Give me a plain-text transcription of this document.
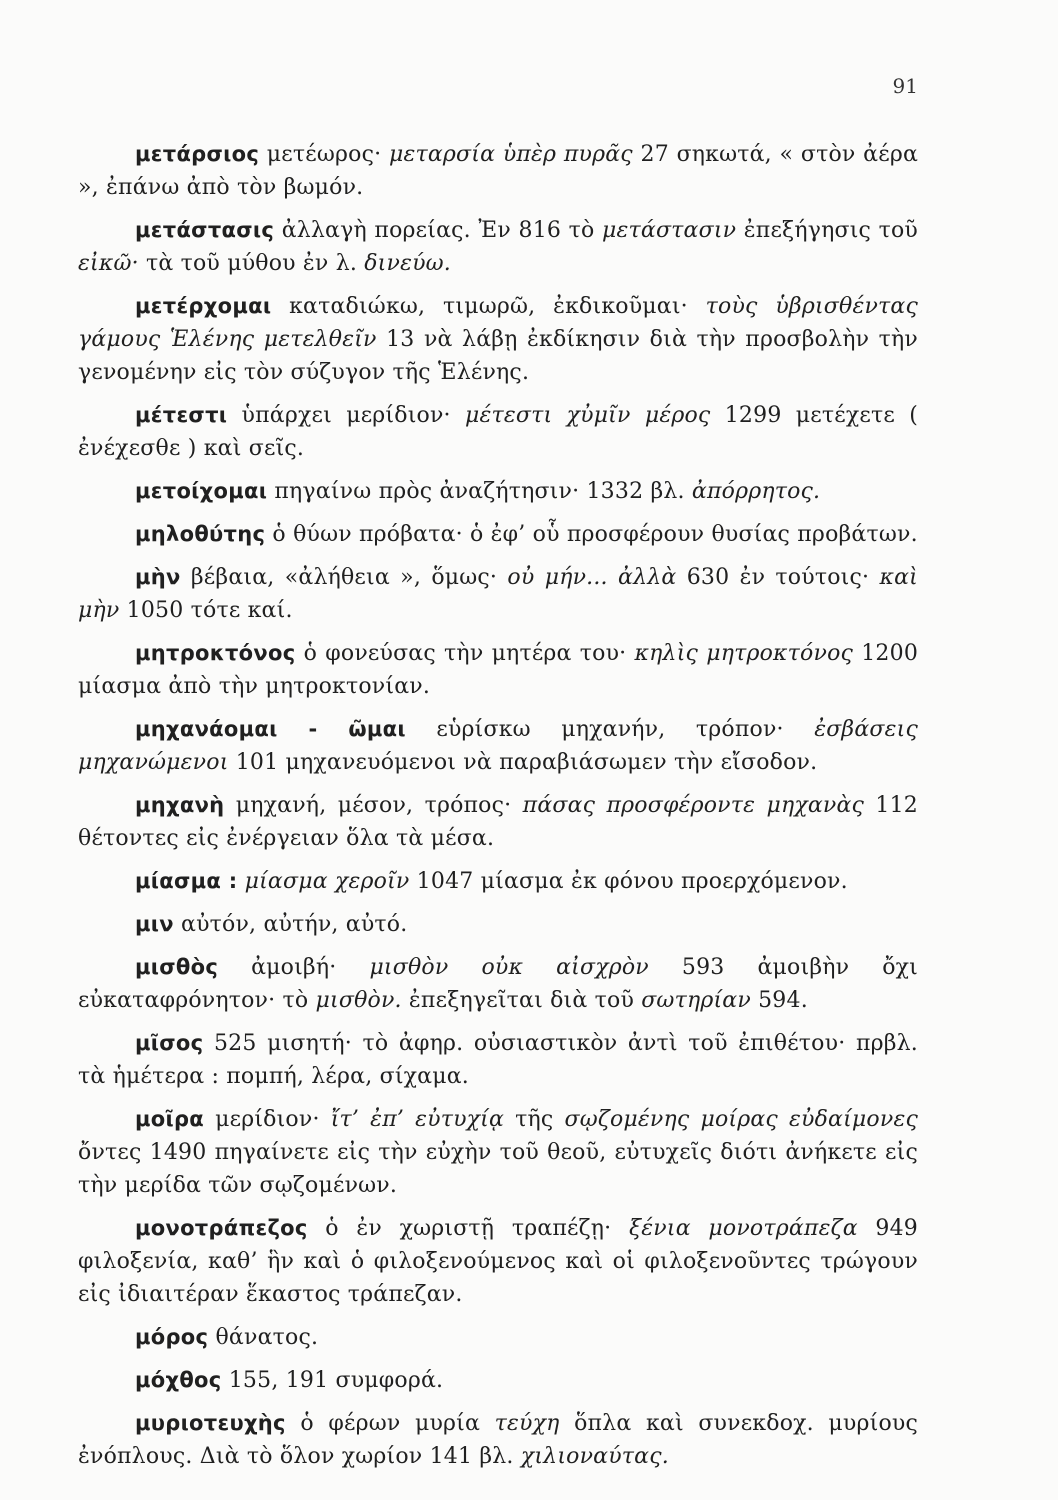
91

μετάρσιος μετέωρος· μεταρσία ὑπὲρ πυρᾶς 27 σηκωτά, « στὸν ἀέρα », ἐπάνω ἀπὸ τὸν βωμόν.

μετάστασις ἀλλαγὴ πορείας. Ἐν 816 τὸ μετάστασιν ἐπεξήγησις τοῦ εἰκῶ· τὰ τοῦ μύθου ἐν λ. δινεύω.

μετέρχομαι καταδιώκω, τιμωρῶ, ἐκδικοῦμαι· τοὺς ὑβρισθέντας γάμους Ἑλένης μετελθεῖν 13 νὰ λάβῃ ἐκδίκησιν διὰ τὴν προσβολὴν τὴν γενομένην εἰς τὸν σύζυγον τῆς Ἑλένης.

μέτεστι ὑπάρχει μερίδιον· μέτεστι χὐμῖν μέρος 1299 μετέχετε ( ἐνέχεσθε ) καὶ σεῖς.

μετοίχομαι πηγαίνω πρὸς ἀναζήτησιν· 1332 βλ. ἀπόρρητος.

μηλοθύτης ὁ θύων πρόβατα· ὁ ἐφ’ οὗ προσφέρουν θυσίας προβάτων.

μὴν βέβαια, «ἀλήθεια », ὅμως· οὐ μήν... ἀλλὰ 630 ἐν τούτοις· καὶ μὴν 1050 τότε καί.

μητροκτόνος ὁ φονεύσας τὴν μητέρα του· κηλὶς μητροκτόνος 1200 μίασμα ἀπὸ τὴν μητροκτονίαν.

μηχανάομαι - ῶμαι εὑρίσκω μηχανήν, τρόπον· ἐσβάσεις μηχανώμενοι 101 μηχανευόμενοι νὰ παραβιάσωμεν τὴν εἴσοδον.

μηχανὴ μηχανή, μέσον, τρόπος· πάσας προσφέροντε μηχανὰς 112 θέτοντες εἰς ἐνέργειαν ὅλα τὰ μέσα.

μίασμα : μίασμα χεροῖν 1047 μίασμα ἐκ φόνου προερχόμενον.

μιν αὐτόν, αὐτήν, αὐτό.

μισθὸς ἀμοιβή· μισθὸν οὐκ αἰσχρὸν 593 ἀμοιβὴν ὄχι εὐκαταφρόνητον· τὸ μισθὸν. ἐπεξηγεῖται διὰ τοῦ σωτηρίαν 594.

μῖσος 525 μισητή· τὸ ἀφηρ. οὐσιαστικὸν ἀντὶ τοῦ ἐπιθέτου· πρβλ. τὰ ἡμέτερα : πομπή, λέρα, σίχαμα.

μοῖρα μερίδιον· ἴτ’ ἐπ’ εὐτυχίᾳ τῆς σῳζομένης μοίρας εὐδαίμονες ὄντες 1490 πηγαίνετε εἰς τὴν εὐχὴν τοῦ θεοῦ, εὐτυχεῖς διότι ἀνήκετε εἰς τὴν μερίδα τῶν σῳζομένων.

μονοτράπεζος ὁ ἐν χωριστῇ τραπέζῃ· ξένια μονοτράπεζα 949 φιλοξενία, καθ’ ἣν καὶ ὁ φιλοξενούμενος καὶ οἱ φιλοξενοῦντες τρώγουν εἰς ἰδιαιτέραν ἕκαστος τράπεζαν.

μόρος θάνατος.

μόχθος 155, 191 συμφορά.

μυριοτευχὴς ὁ φέρων μυρία τεύχη ὅπλα καὶ συνεκδοχ. μυρίους ἐνόπλους. Διὰ τὸ ὅλον χωρίον 141 βλ. χιλιοναύτας.
